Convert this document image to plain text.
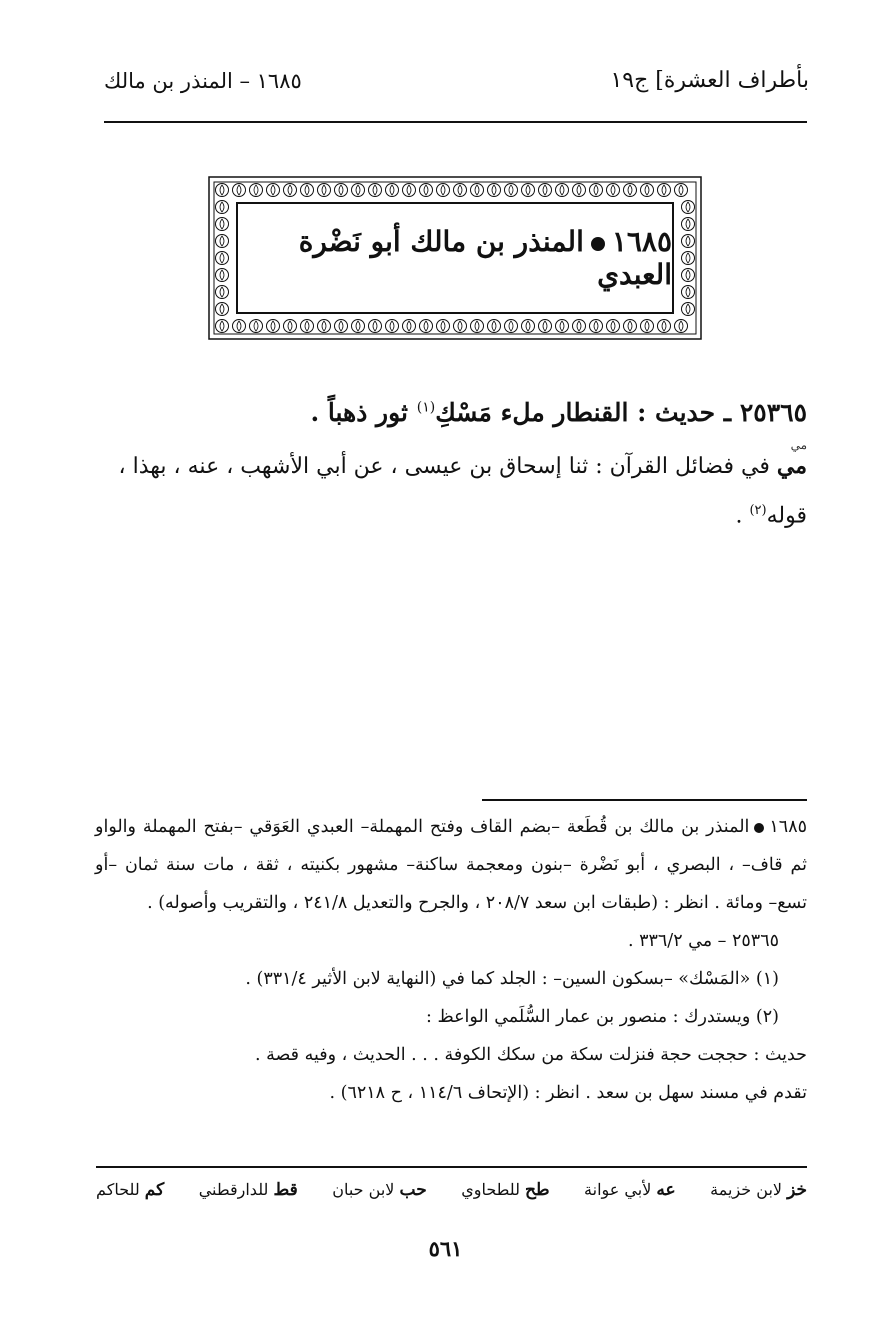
بأطراف العشرة] ج١٩
١٦٨٥ – المنذر بن مالك
١٦٨٥المنذر بن مالك أبو نَضْرة العبدي
٢٥٣٦٥ ـ حديث : القنطار ملء مَسْكِ$^{(١)}$ ثور ذهباً .
مي
مي في فضائل القرآن : ثنا إسحاق بن عيسى ، عن أبي الأشهب ، عنه ، بهذا ،
قوله$^{(٢)}$ .

١٦٨٥المنذر بن مالك بن قُطَعة –بضم القاف وفتح المهملة– العبدي العَوَقي –بفتح المهملة والواو ثم قاف– ، البصري ، أبو نَضْرة –بنون ومعجمة ساكنة– مشهور بكنيته ، ثقة ، مات سنة ثمان –أو تسع– ومائة . انظر : (طبقات ابن سعد ٢٠٨/٧ ، والجرح والتعديل ٢٤١/٨ ، والتقريب وأصوله) .

٢٥٣٦٥ – مي ٣٣٦/٢ .

(١) «المَسْك» –بسكون السين– : الجلد كما في (النهاية لابن الأثير ٣٣١/٤) .

(٢) ويستدرك : منصور بن عمار السُّلَمي الواعظ :

حديث : حججت حجة فنزلت سكة من سكك الكوفة . . . الحديث ، وفيه قصة .

تقدم في مسند سهل بن سعد . انظر : (الإتحاف ١١٤/٦ ، ح ٦٢١٨) .

خز لابن خزيمة
عه لأبي عوانة
طح للطحاوي
حب لابن حبان
قط للدارقطني
كم للحاكم
٥٦١
